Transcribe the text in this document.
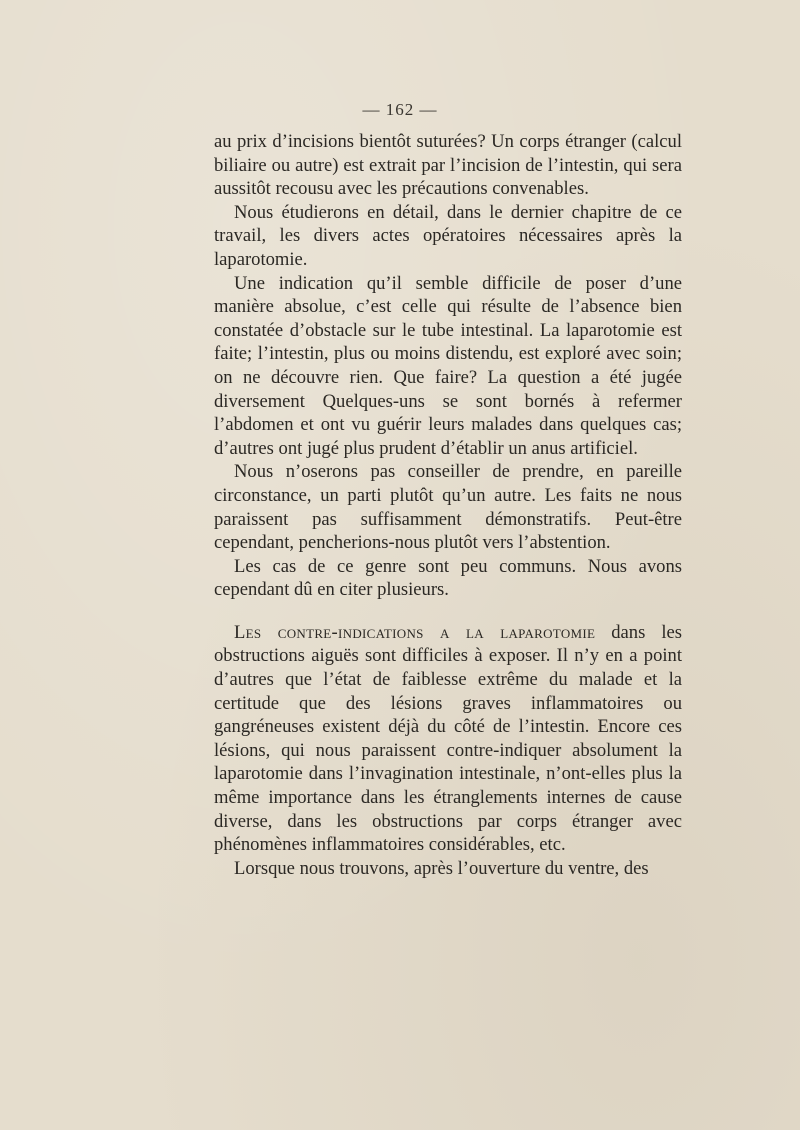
— 162 —

au prix d’incisions bientôt suturées? Un corps étranger (calcul biliaire ou autre) est extrait par l’incision de l’intestin, qui sera aussitôt recousu avec les précautions convenables.

Nous étudierons en détail, dans le dernier chapitre de ce travail, les divers actes opératoires nécessaires après la laparotomie.

Une indication qu’il semble difficile de poser d’une manière absolue, c’est celle qui résulte de l’absence bien constatée d’obstacle sur le tube intestinal. La laparotomie est faite; l’intestin, plus ou moins distendu, est exploré avec soin; on ne découvre rien. Que faire? La question a été jugée diversement Quelques-uns se sont bornés à refermer l’abdomen et ont vu guérir leurs malades dans quelques cas; d’autres ont jugé plus prudent d’établir un anus artificiel.

Nous n’oserons pas conseiller de prendre, en pareille circonstance, un parti plutôt qu’un autre. Les faits ne nous paraissent pas suffisamment démonstratifs. Peut-être cependant, pencherions-nous plutôt vers l’abstention.

Les cas de ce genre sont peu communs. Nous avons cependant dû en citer plusieurs.

Les contre-indications a la laparotomie dans les obstructions aiguës sont difficiles à exposer. Il n’y en a point d’autres que l’état de faiblesse extrême du malade et la certitude que des lésions graves inflammatoires ou gangréneuses existent déjà du côté de l’intestin. Encore ces lésions, qui nous paraissent contre-indiquer absolument la laparotomie dans l’invagination intestinale, n’ont-elles plus la même importance dans les étranglements internes de cause diverse, dans les obstructions par corps étranger avec phénomènes inflammatoires considérables, etc.

Lorsque nous trouvons, après l’ouverture du ventre, des
